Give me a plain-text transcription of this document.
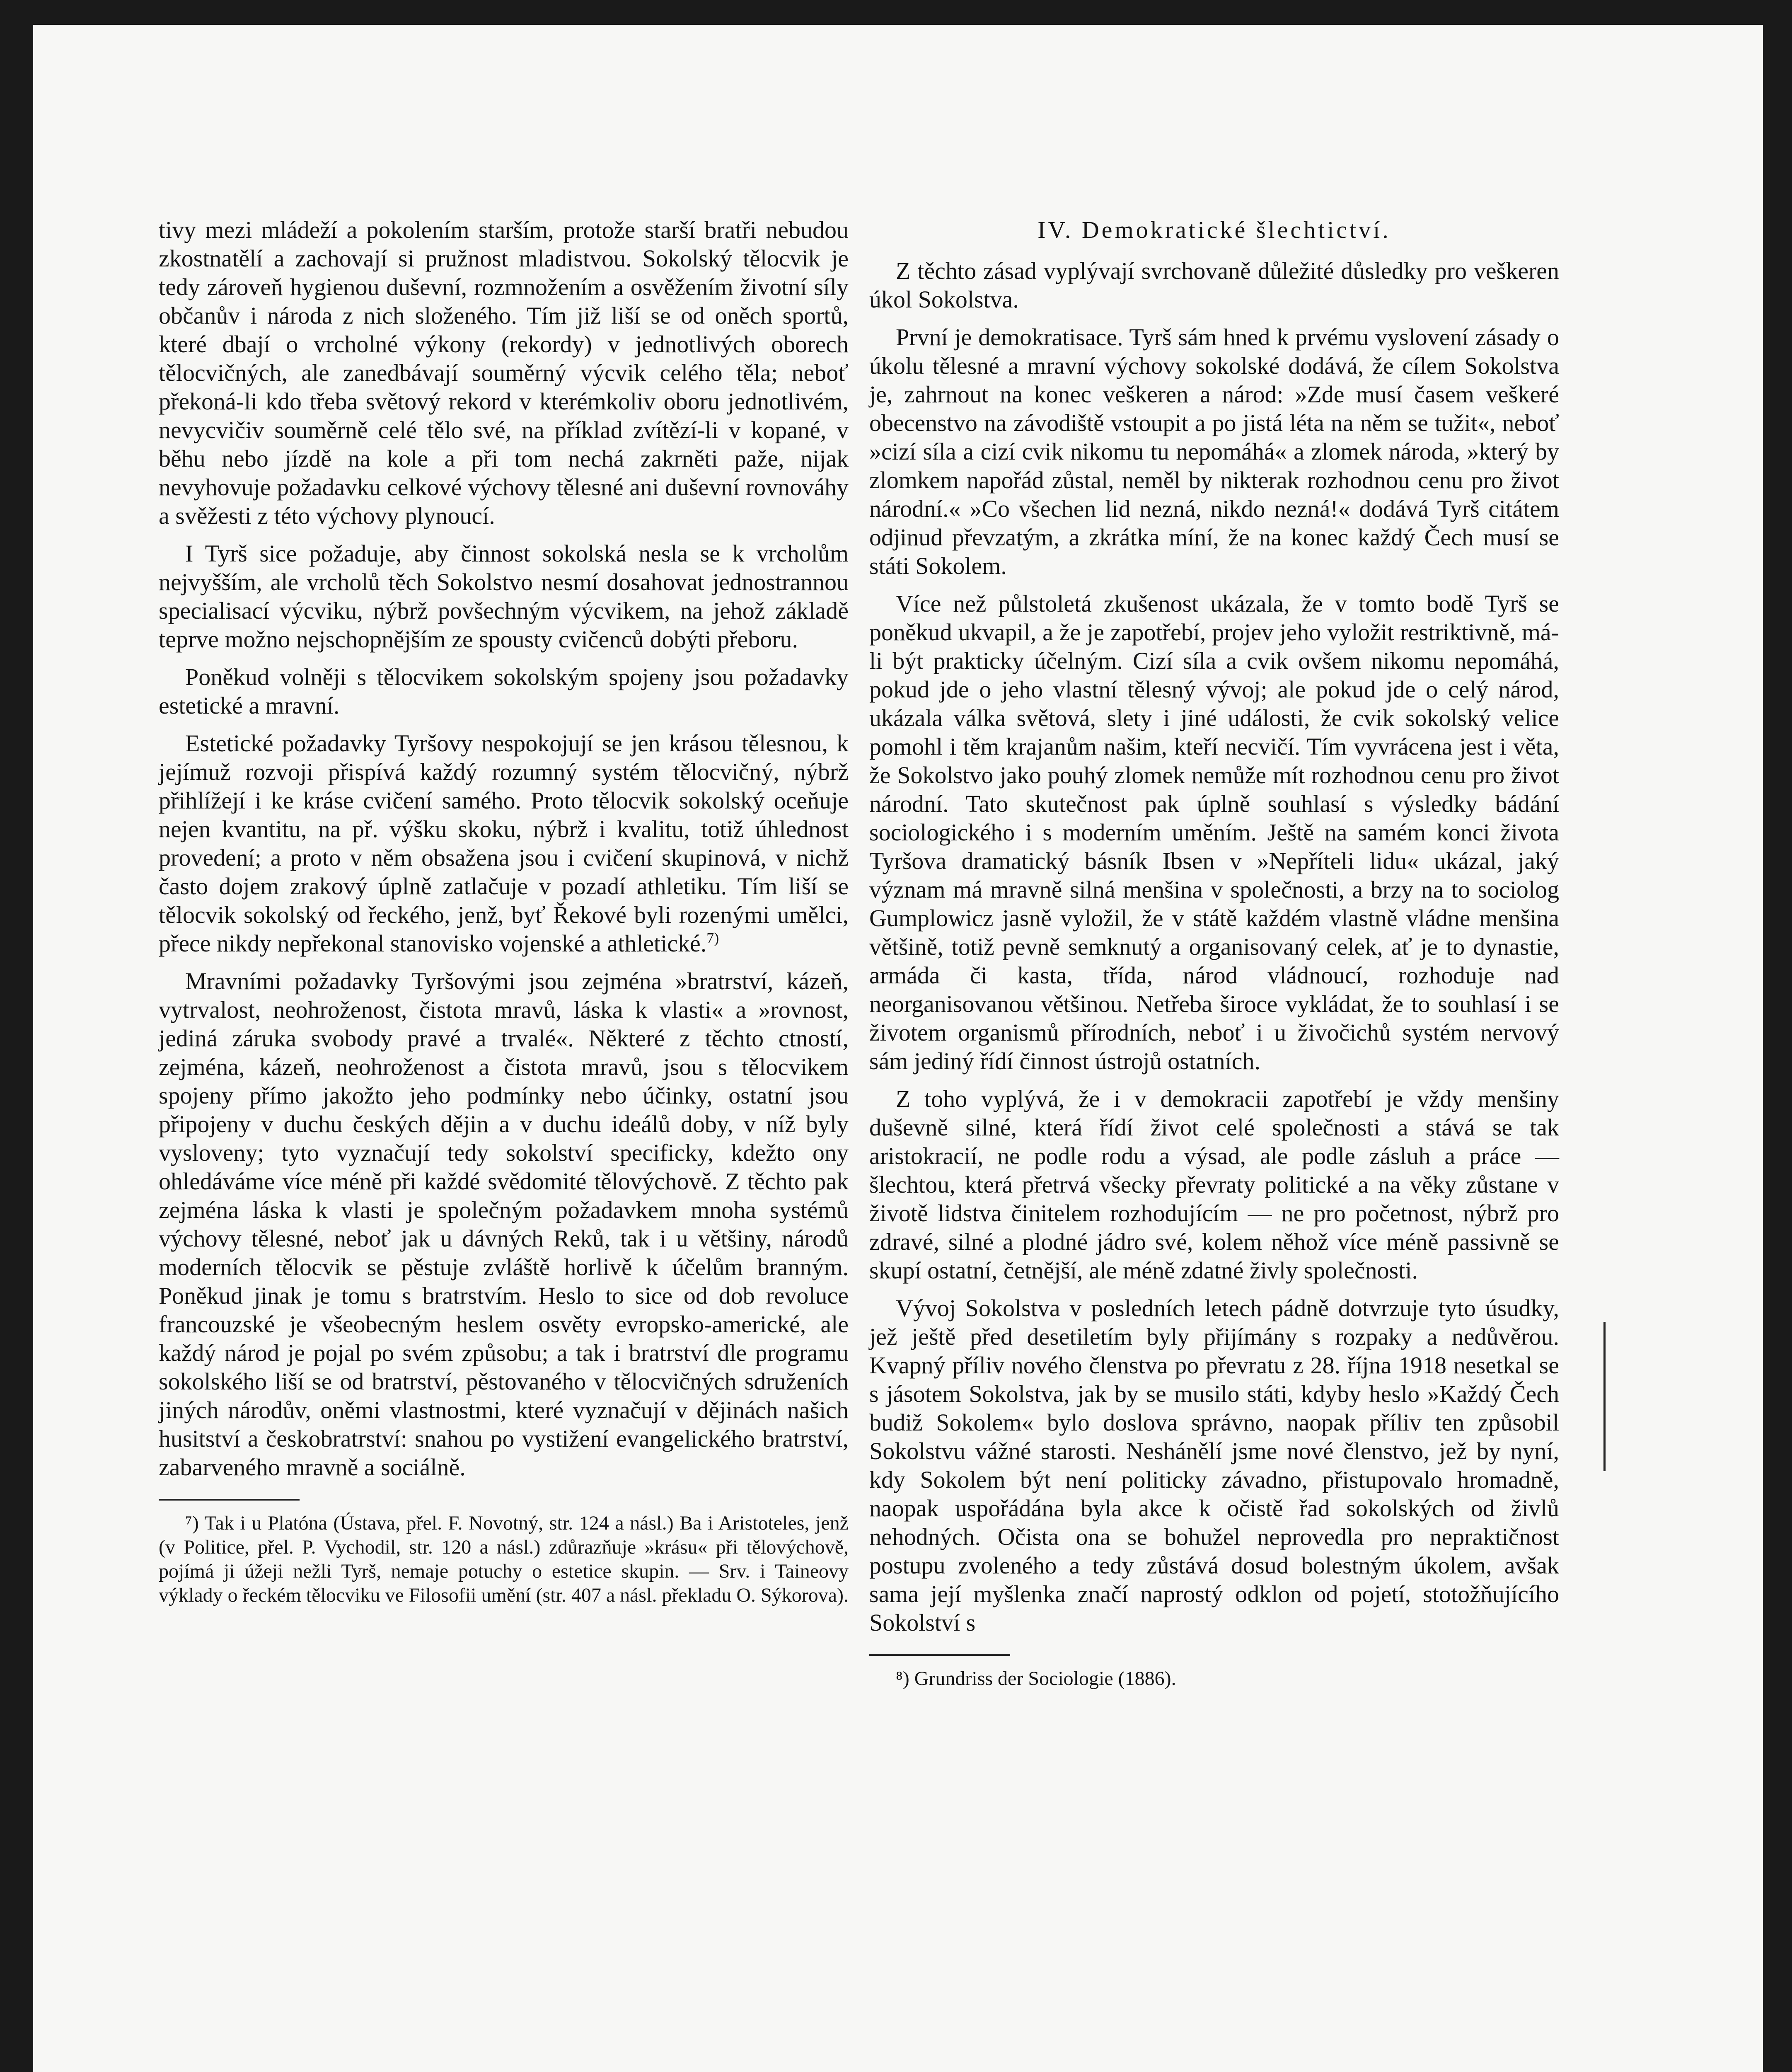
tivy mezi mládeží a pokolením starším, protože starší bratři nebudou zkostnatělí a zachovají si pružnost mladistvou. Sokolský tělocvik je tedy zároveň hygienou duševní, rozmnožením a osvěžením životní síly občanův i národa z nich složeného. Tím již liší se od oněch sportů, které dbají o vrcholné výkony (rekordy) v jednotlivých oborech tělocvičných, ale zanedbávají souměrný výcvik celého těla; neboť překoná-li kdo třeba světový rekord v kterémkoliv oboru jednotlivém, nevycvičiv souměrně celé tělo své, na příklad zvítězí-li v kopané, v běhu nebo jízdě na kole a při tom nechá zakrněti paže, nijak nevyhovuje požadavku celkové výchovy tělesné ani duševní rovnováhy a svěžesti z této výchovy plynoucí.

I Tyrš sice požaduje, aby činnost sokolská nesla se k vrcholům nejvyšším, ale vrcholů těch Sokolstvo nesmí dosahovat jednostrannou specialisací výcviku, nýbrž povšechným výcvikem, na jehož základě teprve možno nejschopnějším ze spousty cvičenců dobýti přeboru.

Poněkud volněji s tělocvikem sokolským spojeny jsou požadavky estetické a mravní.

Estetické požadavky Tyršovy nespokojují se jen krásou tělesnou, k jejímuž rozvoji přispívá každý rozumný systém tělocvičný, nýbrž přihlížejí i ke kráse cvičení samého. Proto tělocvik sokolský oceňuje nejen kvantitu, na př. výšku skoku, nýbrž i kvalitu, totiž úhlednost provedení; a proto v něm obsažena jsou i cvičení skupinová, v nichž často dojem zrakový úplně zatlačuje v pozadí athletiku. Tím liší se tělocvik sokolský od řeckého, jenž, byť Řekové byli rozenými umělci, přece nikdy nepřekonal stanovisko vojenské a athletické.$^{7)}$

Mravními požadavky Tyršovými jsou zejména »bratrství, kázeň, vytrvalost, neohroženost, čistota mravů, láska k vlasti« a »rovnost, jediná záruka svobody pravé a trvalé«. Některé z těchto ctností, zejména, kázeň, neohroženost a čistota mravů, jsou s tělocvikem spojeny přímo jakožto jeho podmínky nebo účinky, ostatní jsou připojeny v duchu českých dějin a v duchu ideálů doby, v níž byly vysloveny; tyto vyznačují tedy sokolství specificky, kdežto ony ohledáváme více méně při každé svědomité tělovýchově. Z těchto pak zejména láska k vlasti je společným požadavkem mnoha systémů výchovy tělesné, neboť jak u dávných Reků, tak i u většiny, národů moderních tělocvik se pěstuje zvláště horlivě k účelům branným. Poněkud jinak je tomu s bratrstvím. Heslo to sice od dob revoluce francouzské je všeobecným heslem osvěty evropsko-americké, ale každý národ je pojal po svém způsobu; a tak i bratrství dle programu sokolského liší se od bratrství, pěstovaného v tělocvičných sdruženích jiných národův, oněmi vlastnostmi, které vyznačují v dějinách našich husitství a českobratrství: snahou po vystižení evangelického bratrství, zabarveného mravně a sociálně.

⁷) Tak i u Platóna (Ústava, přel. F. Novotný, str. 124 a násl.) Ba i Aristoteles, jenž (v Politice, přel. P. Vychodil, str. 120 a násl.) zdůrazňuje »krásu« při tělovýchově, pojímá ji úžeji nežli Tyrš, nemaje potuchy o estetice skupin. — Srv. i Taineovy výklady o řeckém tělocviku ve Filosofii umění (str. 407 a násl. překladu O. Sýkorova).

IV. Demokratické šlechtictví.

Z těchto zásad vyplývají svrchovaně důležité důsledky pro veškeren úkol Sokolstva.

První je demokratisace. Tyrš sám hned k prvému vyslovení zásady o úkolu tělesné a mravní výchovy sokolské dodává, že cílem Sokolstva je, zahrnout na konec veškeren a národ: »Zde musí časem veškeré obecenstvo na závodiště vstoupit a po jistá léta na něm se tužit«, neboť »cizí síla a cizí cvik nikomu tu nepomáhá« a zlomek národa, »který by zlomkem napořád zůstal, neměl by nikterak rozhodnou cenu pro život národní.« »Co všechen lid nezná, nikdo nezná!« dodává Tyrš citátem odjinud převzatým, a zkrátka míní, že na konec každý Čech musí se státi Sokolem.

Více než půlstoletá zkušenost ukázala, že v tomto bodě Tyrš se poněkud ukvapil, a že je zapotřebí, projev jeho vyložit restriktivně, má-li být prakticky účelným. Cizí síla a cvik ovšem nikomu nepomáhá, pokud jde o jeho vlastní tělesný vývoj; ale pokud jde o celý národ, ukázala válka světová, slety i jiné události, že cvik sokolský velice pomohl i těm krajanům našim, kteří necvičí. Tím vyvrácena jest i věta, že Sokolstvo jako pouhý zlomek nemůže mít rozhodnou cenu pro život národní. Tato skutečnost pak úplně souhlasí s výsledky bádání sociologického i s moderním uměním. Ještě na samém konci života Tyršova dramatický básník Ibsen v »Nepříteli lidu« ukázal, jaký význam má mravně silná menšina v společnosti, a brzy na to sociolog Gumplowicz jasně vyložil, že v státě každém vlastně vládne menšina většině, totiž pevně semknutý a organisovaný celek, ať je to dynastie, armáda či kasta, třída, národ vládnoucí, rozhoduje nad neorganisovanou většinou. Netřeba široce vykládat, že to souhlasí i se životem organismů přírodních, neboť i u živočichů systém nervový sám jediný řídí činnost ústrojů ostatních.

Z toho vyplývá, že i v demokracii zapotřebí je vždy menšiny duševně silné, která řídí život celé společnosti a stává se tak aristokracií, ne podle rodu a výsad, ale podle zásluh a práce — šlechtou, která přetrvá všecky převraty politické a na věky zůstane v životě lidstva činitelem rozhodujícím — ne pro početnost, nýbrž pro zdravé, silné a plodné jádro své, kolem něhož více méně passivně se skupí ostatní, četnější, ale méně zdatné živly společnosti.

Vývoj Sokolstva v posledních letech pádně dotvrzuje tyto úsudky, jež ještě před desetiletím byly přijímány s rozpaky a nedůvěrou. Kvapný příliv nového členstva po převratu z 28. října 1918 nesetkal se s jásotem Sokolstva, jak by se musilo státi, kdyby heslo »Každý Čech budiž Sokolem« bylo doslova správno, naopak příliv ten způsobil Sokolstvu vážné starosti. Neshánělí jsme nové členstvo, jež by nyní, kdy Sokolem být není politicky závadno, přistupovalo hromadně, naopak uspořádána byla akce k očistě řad sokolských od živlů nehodných. Očista ona se bohužel neprovedla pro nepraktičnost postupu zvoleného a tedy zůstává dosud bolestným úkolem, avšak sama její myšlenka značí naprostý odklon od pojetí, stotožňujícího Sokolství s

⁸) Grundriss der Sociologie (1886).
